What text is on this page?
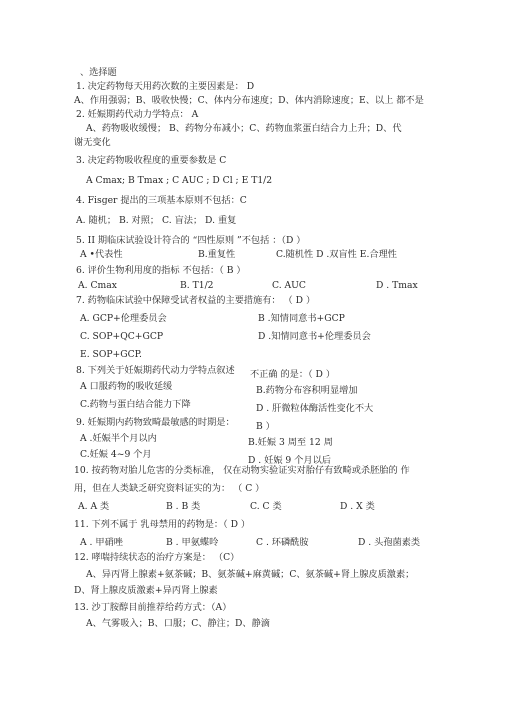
、选择题
1. 决定药物每天用药次数的主要因素是： D
A、作用强弱；B、吸收快慢；C、体内分布速度；D、体内消除速度；E、以上 都不是
2. 妊娠期药代动力学特点： A
A、药物吸收缓慢； B、药物分布减小；C、药物血浆蛋白结合力上升；D、代
谢无变化
3. 决定药物吸收程度的重要参数是 C
A Cmax; B Tmax ; C AUC ; D Cl ; E T1/2
4. Fisger 提出的三项基本原则不包括：C
A. 随机； B. 对照； C. 盲法； D. 重复
5. II 期临床试验设计符合的 “四性原则 ”不包括 ：（D ）
A •代表性	B.重复性	C.随机性 D .双盲性 E.合理性
6. 评价生物利用度的指标 不包括：（ B ）
A. Cmax	B. T1/2	C. AUC	D . Tmax
7. 药物临床试验中保障受试者权益的主要措施有： （ D ）
A. GCP+伦理委员会	B .知情同意书+GCP
C. SOP+QC+GCP	D .知情同意书+伦理委员会
E. SOP+GCP.
8. 下列关于妊娠期药代动力学特点叙述 不正确 的是：（ D ）
A 口服药物的吸收延缓	B.药物分布容积明显增加
C.药物与蛋白结合能力下降	D . 肝微粒体酶活性变化不大
9. 妊娠期内药物致畸最敏感的时期是： B ）
A .妊娠半个月以内	B.妊娠 3 周至 12 周
C.妊娠 4~9 个月
D . 妊娠 9 个月以后
10. 按药物对胎儿危害的分类标准， 仅在动物实验证实对胎仔有致畸或杀胚胎的 作
用，但在人类缺乏研究资料证实的为： （ C ）
A. A 类	B . B 类	C. C 类	D . X 类
11. 下列不属于 乳母禁用的药物是：（ D ）
A . 甲硝唑	B . 甲氨蝶呤	C . 环磷酰胺	D . 头孢菌素类
12. 哮喘持续状态的治疗方案是： （C）
A、异丙肾上腺素+氨茶碱；B、氨茶碱+麻黄碱；C、氨茶碱+肾上腺皮质激素；
D、肾上腺皮质激素+异丙肾上腺素
13. 沙丁胺醇目前推荐给药方式：（A）
A、气雾吸入；B、口服；C、静注；D、静滴
